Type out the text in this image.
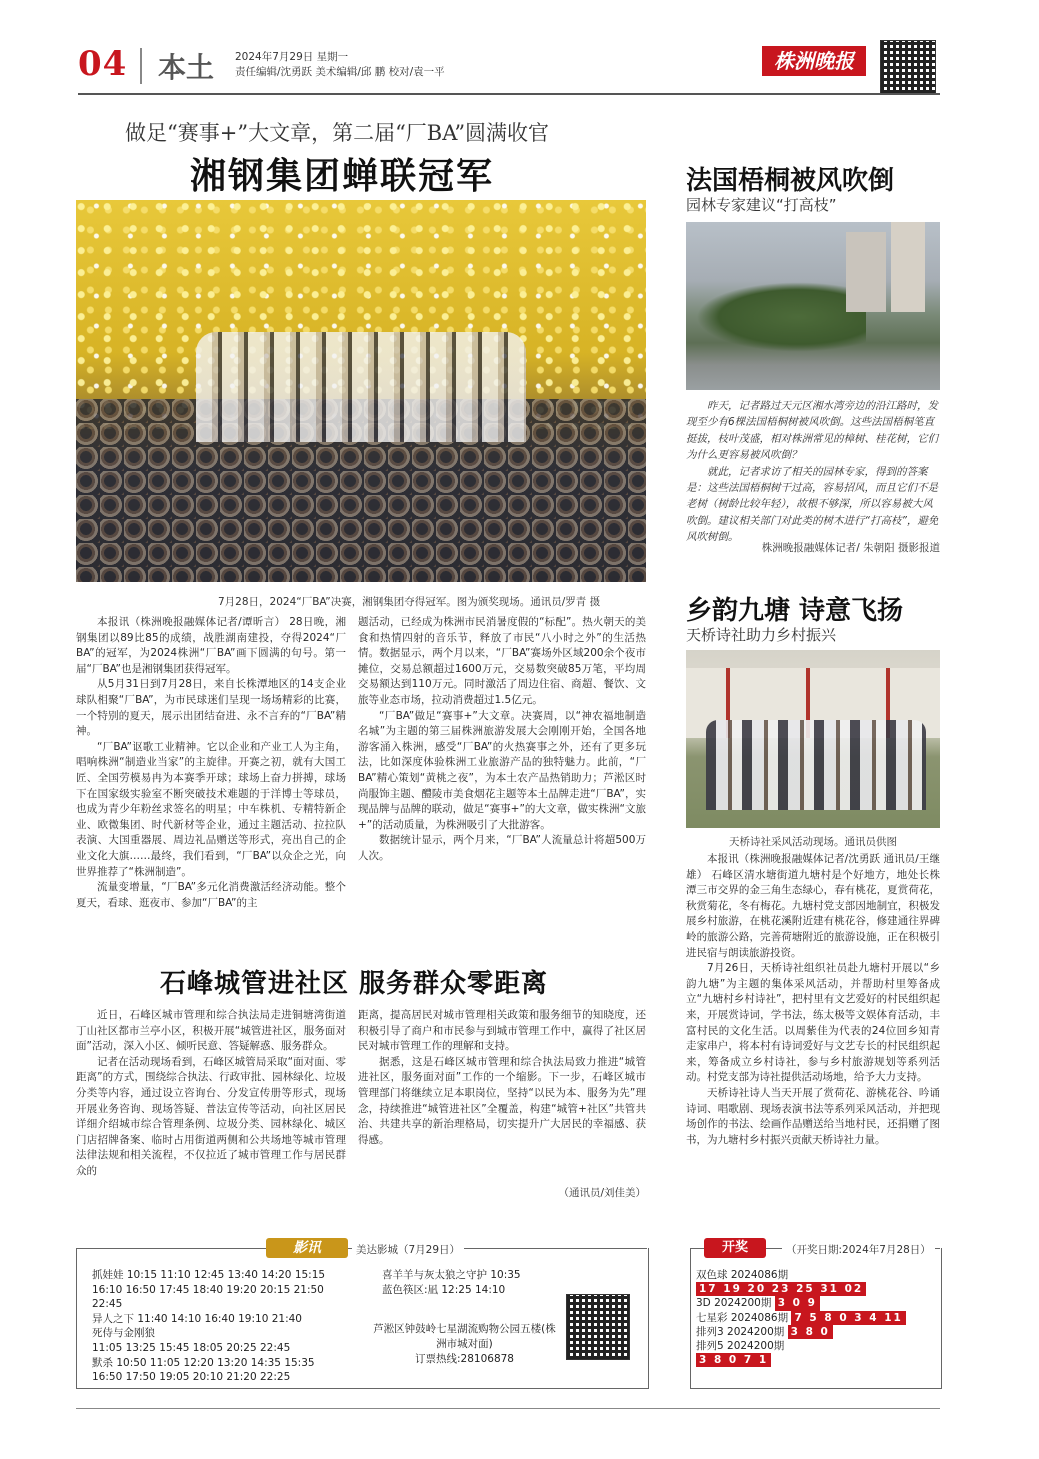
04 本土 2024年7月29日 星期一
责任编辑/沈勇跃 美术编辑/邱 鹏 校对/袁一平	株洲晚报
做足“赛事+”大文章，第二届“厂BA”圆满收官
湘钢集团蝉联冠军
7月28日，2024“厂BA”决赛，湘钢集团夺得冠军。图为颁奖现场。通讯员/罗青 摄

本报讯（株洲晚报融媒体记者/谭昕言） 28日晚，湘钢集团以89比85的成绩，战胜湖南建投，夺得2024“厂BA”的冠军，为2024株洲“厂BA”画下圆满的句号。第一届“厂BA”也是湘钢集团获得冠军。

从5月31日到7月28日，来自长株潭地区的14支企业球队相聚“厂BA”，为市民球迷们呈现一场场精彩的比赛，一个特别的夏天，展示出团结奋进、永不言弃的“厂BA”精神。

“厂BA”讴歌工业精神。它以企业和产业工人为主角，唱响株洲“制造业当家”的主旋律。开赛之初，就有大国工匠、全国劳模易冉为本赛季开球；球场上奋力拼搏，球场下在国家级实验室不断突破技术难题的于洋博士等球员，也成为青少年粉丝求签名的明星；中车株机、专精特新企业、欧微集团、时代新材等企业，通过主题活动、拉拉队表演、大国重器展、周边礼品赠送等形式，亮出自己的企业文化大旗……最终，我们看到，“厂BA”以众企之光，向世界推荐了“株洲制造”。

流量变增量，“厂BA”多元化消费激活经济动能。整个夏天，看球、逛夜市、参加“厂BA”的主

题活动，已经成为株洲市民消暑度假的“标配”。热火朝天的美食和热情四射的音乐节，释放了市民“八小时之外”的生活热情。数据显示，两个月以来，“厂BA”赛场外区域200余个夜市摊位，交易总额超过1600万元，交易数突破85万笔，平均周交易额达到110万元。同时激活了周边住宿、商超、餐饮、文旅等业态市场，拉动消费超过1.5亿元。

“厂BA”做足“赛事+”大文章。决赛周，以“神农福地制造名城”为主题的第三届株洲旅游发展大会刚刚开始，全国各地游客涌入株洲，感受“厂BA”的火热赛事之外，还有了更多玩法，比如深度体验株洲工业旅游产品的独特魅力。此前，“厂BA”精心策划“黄桃之夜”，为本土农产品热销助力；芦淞区时尚服饰主题、醴陵市美食烟花主题等本土品牌走进“厂BA”，实现品牌与品牌的联动，做足“赛事+”的大文章，做实株洲“文旅+”的活动质量，为株洲吸引了大批游客。

数据统计显示，两个月来，“厂BA”人流量总计将超500万人次。

法国梧桐被风吹倒
园林专家建议“打高枝”

昨天，记者路过天元区湘水湾旁边的沿江路时，发现至少有6棵法国梧桐树被风吹倒。这些法国梧桐笔直挺拔，枝叶茂盛，相对株洲常见的樟树、桂花树，它们为什么更容易被风吹倒？

就此，记者求访了相关的园林专家，得到的答案是：这些法国梧桐树干过高，容易招风，而且它们不是老树（树龄比较年轻），故根不够深，所以容易被大风吹倒。建议相关部门对此类的树木进行“打高枝”，避免风吹树倒。

株洲晚报融媒体记者/ 朱朝阳 摄影报道
乡韵九塘 诗意飞扬
天桥诗社助力乡村振兴
天桥诗社采风活动现场。通讯员供图

本报讯（株洲晚报融媒体记者/沈勇跃 通讯员/王继雄） 石峰区清水塘街道九塘村是个好地方，地处长株潭三市交界的金三角生态绿心，春有桃花，夏赏荷花，秋赏菊花，冬有梅花。九塘村党支部因地制宜，积极发展乡村旅游，在桃花溪附近建有桃花谷，修建通往界碑岭的旅游公路，完善荷塘附近的旅游设施，正在积极引进民宿与朗读旅游投资。

7月26日，天桥诗社组织社员赴九塘村开展以“乡韵九塘”为主题的集体采风活动，并帮助村里筹备成立“九塘村乡村诗社”，把村里有文艺爱好的村民组织起来，开展赏诗词，学书法，练太极等文娱体育活动，丰富村民的文化生活。以周紫佳为代表的24位回乡知青走家串户，将本村有诗词爱好与文艺专长的村民组织起来，筹备成立乡村诗社，参与乡村旅游规划等系列活动。村党支部为诗社提供活动场地，给予大力支持。

天桥诗社诗人当天开展了赏荷花、游桃花谷、吟诵诗词、唱歌剧、现场表演书法等系列采风活动，并把现场创作的书法、绘画作品赠送给当地村民，还捐赠了图书，为九塘村乡村振兴贡献天桥诗社力量。

石峰城管进社区 服务群众零距离

近日，石峰区城市管理和综合执法局走进铜塘湾街道丁山社区都市兰亭小区，积极开展“城管进社区，服务面对面”活动，深入小区、倾听民意、答疑解惑、服务群众。

记者在活动现场看到，石峰区城管局采取“面对面、零距离”的方式，围绕综合执法、行政审批、园林绿化、垃圾分类等内容，通过设立咨询台、分发宣传册等形式，现场开展业务咨询、现场答疑、普法宣传等活动，向社区居民详细介绍城市综合管理条例、垃圾分类、园林绿化、城区门店招牌备案、临时占用街道两侧和公共场地等城市管理法律法规和相关流程，不仅拉近了城市管理工作与居民群众的

距离，提高居民对城市管理相关政策和服务细节的知晓度，还积极引导了商户和市民参与到城市管理工作中，赢得了社区居民对城市管理工作的理解和支持。

据悉，这是石峰区城市管理和综合执法局致力推进“城管进社区，服务面对面”工作的一个缩影。下一步，石峰区城市管理部门将继续立足本职岗位，坚持“以民为本、服务为先”理念，持续推进“城管进社区”全覆盖，构建“城管+社区”共管共治、共建共享的新治理格局，切实提升广大居民的幸福感、获得感。

（通讯员/刘佳美）
影讯	美达影城（7月29日）
抓娃娃 10:15 11:10 12:45 13:40 14:20 15:15
16:10 16:50 17:45 18:40 19:20 20:15 21:50
22:45
异人之下 11:40 14:10 16:40 19:10 21:40
死侍与金刚狼
11:05 13:25 15:45 18:05 20:25 22:45
默杀 10:50 11:05 12:20 13:20 14:35 15:35
16:50 17:50 19:05 20:10 21:20 22:25
喜羊羊与灰太狼之守护 10:35
蓝色筷区:凪 12:25 14:10
芦淞区钟鼓岭七星湖流购物公园五楼(株洲市城对面)
订票热线:28106878
开奖	（开奖日期:2024年7月28日）
双色球 2024086期
17 19 20 23 25 31 02
3D 2024200期 3 0 9
七星彩 2024086期 7 5 8 0 3 4 11
排列3 2024200期 3 8 0
排列5 2024200期
3 8 0 7 1
